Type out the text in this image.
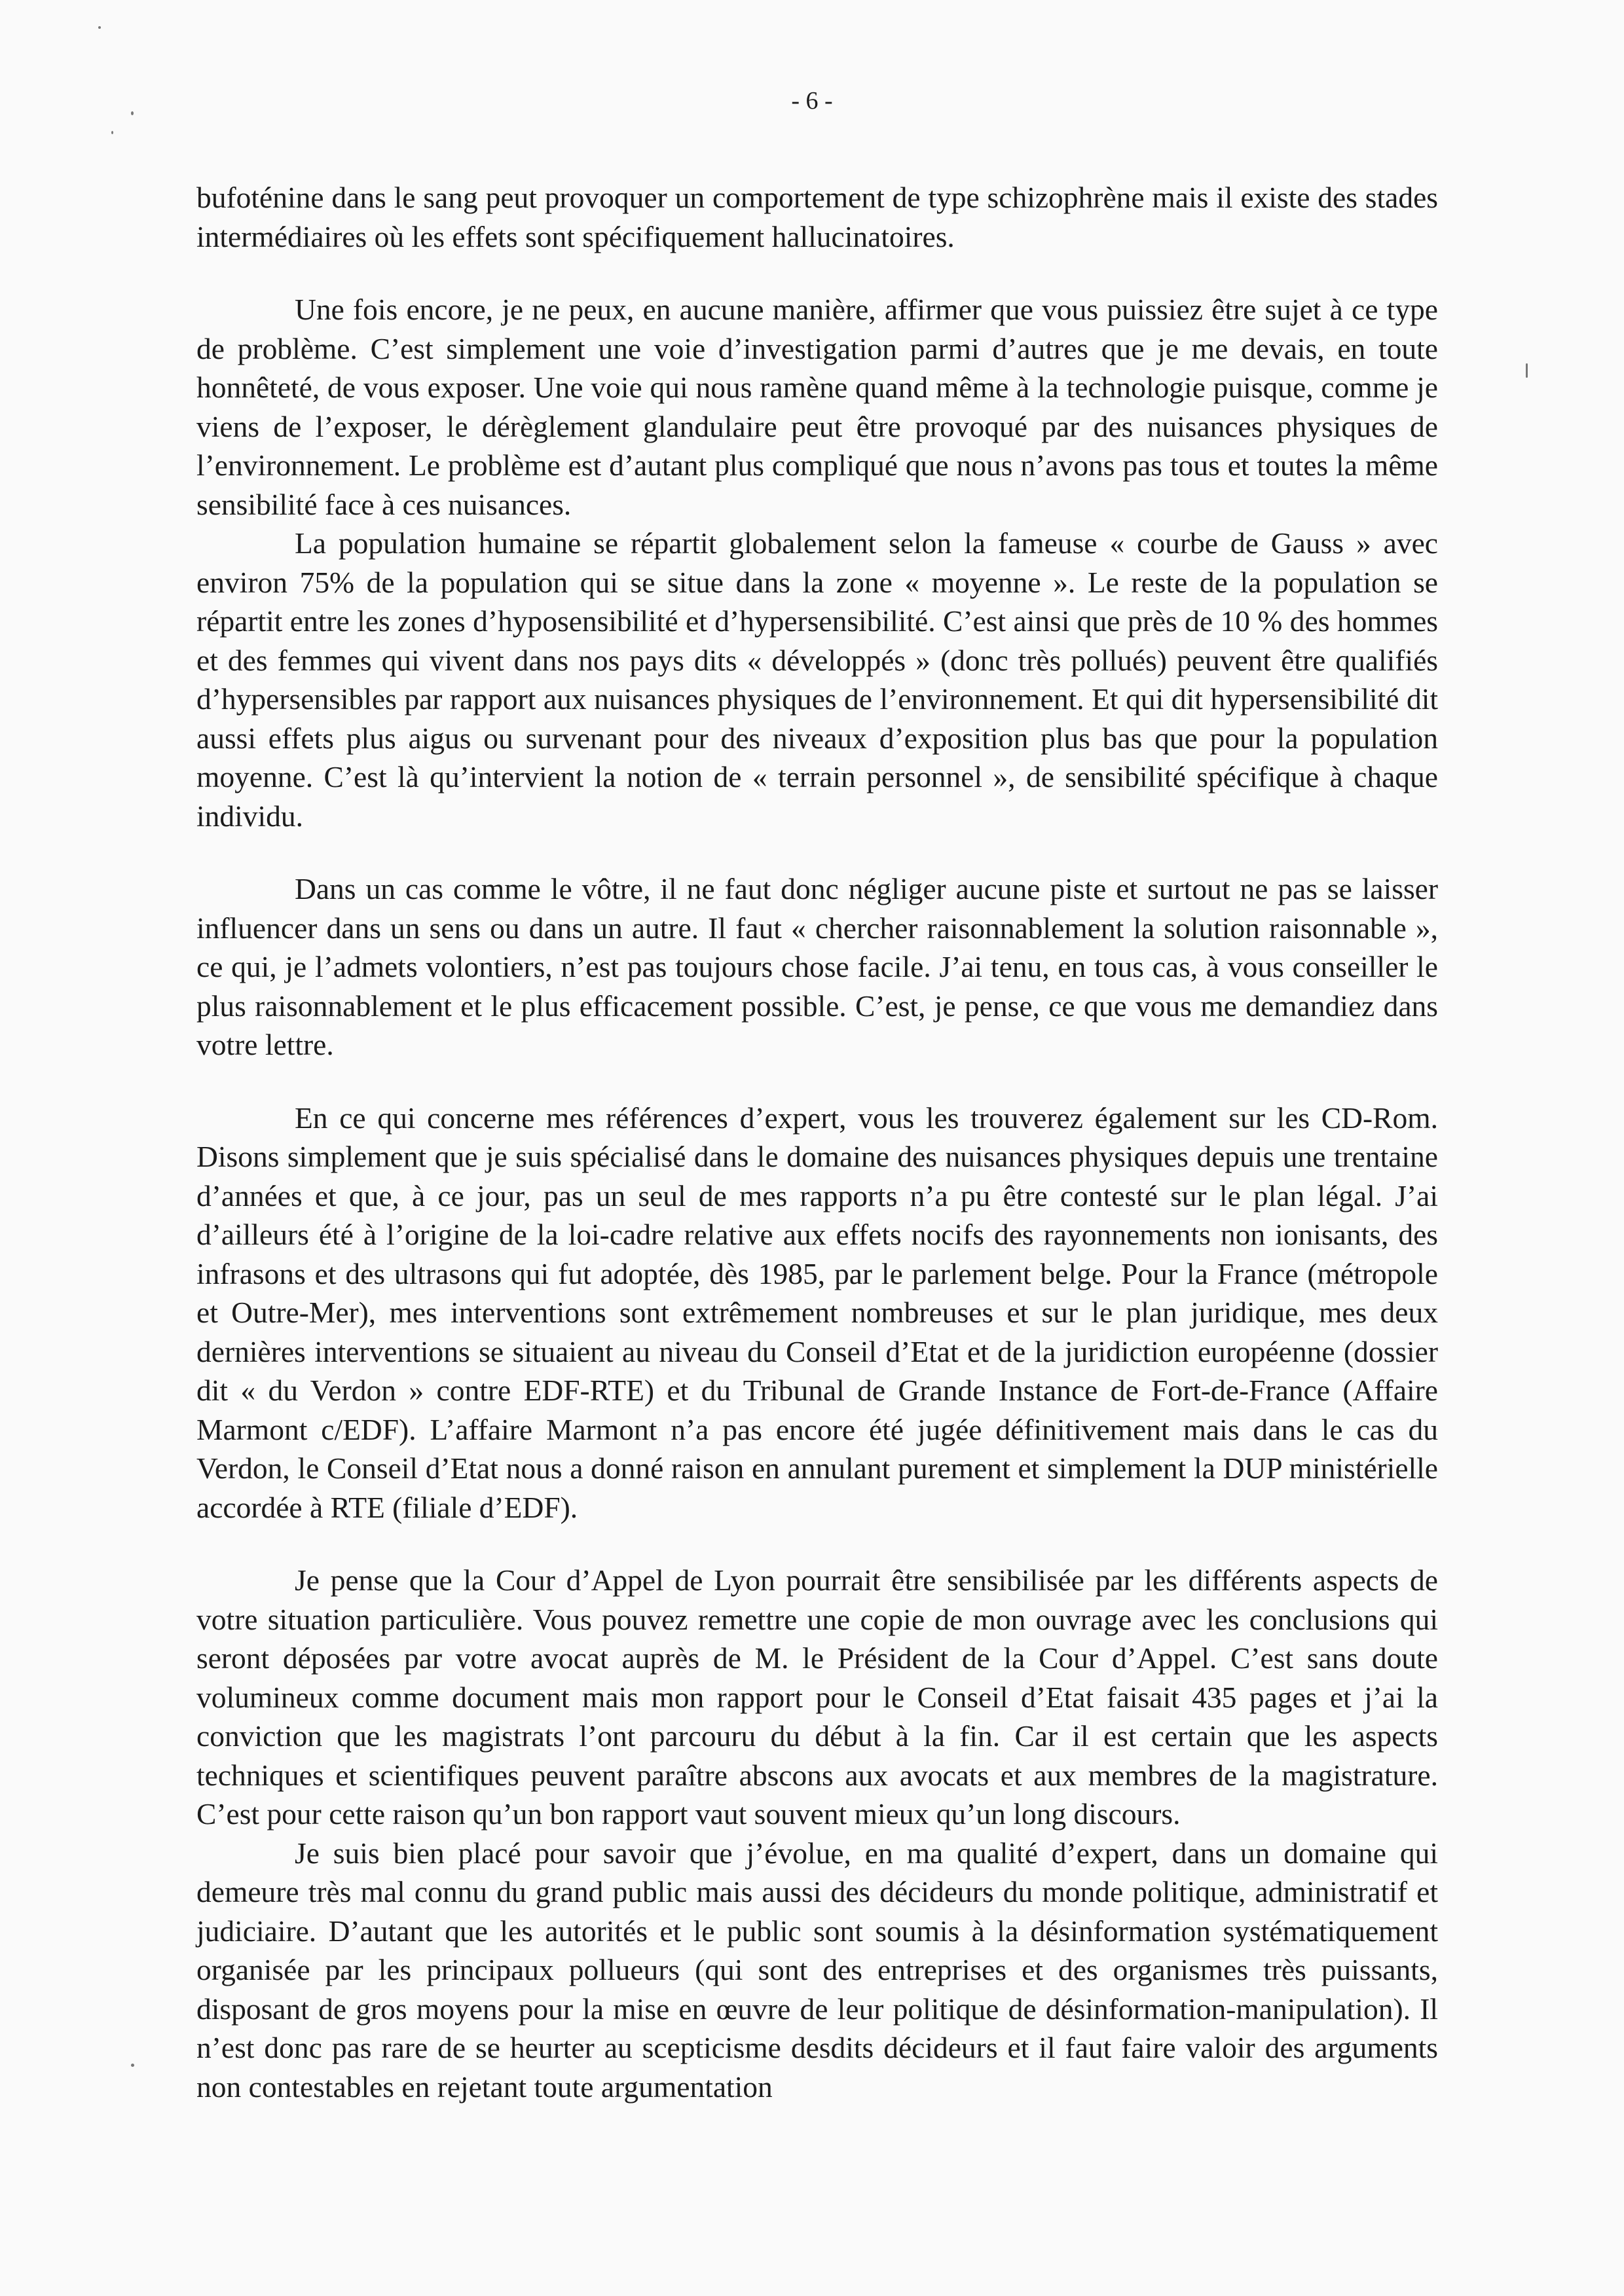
- 6 -

bufoténine dans le sang peut provoquer un comportement de type schizophrène mais il existe des stades intermédiaires où les effets sont spécifiquement hallucinatoires.

Une fois encore, je ne peux, en aucune manière, affirmer que vous puissiez être sujet à ce type de problème. C’est simplement une voie d’investigation parmi d’autres que je me devais, en toute honnêteté, de vous exposer. Une voie qui nous ramène quand même à la technologie puisque, comme je viens de l’exposer, le dérèglement glandulaire peut être provoqué par des nuisances physiques de l’environnement. Le problème est d’autant plus compliqué que nous n’avons pas tous et toutes la même sensibilité face à ces nuisances.

La population humaine se répartit globalement selon la fameuse « courbe de Gauss » avec environ 75% de la population qui se situe dans la zone « moyenne ». Le reste de la population se répartit entre les zones d’hyposensibilité et d’hypersensibilité. C’est ainsi que près de 10 % des hommes et des femmes qui vivent dans nos pays dits « développés » (donc très pollués) peuvent être qualifiés d’hypersensibles par rapport aux nuisances physiques de l’environnement. Et qui dit hypersensibilité dit aussi effets plus aigus ou survenant pour des niveaux d’exposition plus bas que pour la population moyenne. C’est là qu’intervient la notion de « terrain personnel », de sensibilité spécifique à chaque individu.

Dans un cas comme le vôtre, il ne faut donc négliger aucune piste et surtout ne pas se laisser influencer dans un sens ou dans un autre. Il faut « chercher raisonnablement la solution raisonnable », ce qui, je l’admets volontiers, n’est pas toujours chose facile. J’ai tenu, en tous cas, à vous conseiller le plus raisonnablement et le plus efficacement possible. C’est, je pense, ce que vous me demandiez dans votre lettre.

En ce qui concerne mes références d’expert, vous les trouverez également sur les CD-Rom. Disons simplement que je suis spécialisé dans le domaine des nuisances physiques depuis une trentaine d’années et que, à ce jour, pas un seul de mes rapports n’a pu être contesté sur le plan légal. J’ai d’ailleurs été à l’origine de la loi-cadre relative aux effets nocifs des rayonnements non ionisants, des infrasons et des ultrasons qui fut adoptée, dès 1985, par le parlement belge. Pour la France (métropole et Outre-Mer), mes interventions sont extrêmement nombreuses et sur le plan juridique, mes deux dernières interventions se situaient au niveau du Conseil d’Etat et de la juridiction européenne (dossier dit « du Verdon » contre EDF-RTE) et du Tribunal de Grande Instance de Fort-de-France (Affaire Marmont c/EDF). L’affaire Marmont n’a pas encore été jugée définitivement mais dans le cas du Verdon, le Conseil d’Etat nous a donné raison en annulant purement et simplement la DUP ministérielle accordée à RTE (filiale d’EDF).

Je pense que la Cour d’Appel de Lyon pourrait être sensibilisée par les différents aspects de votre situation particulière. Vous pouvez remettre une copie de mon ouvrage avec les conclusions qui seront déposées par votre avocat auprès de M. le Président de la Cour d’Appel. C’est sans doute volumineux comme document mais mon rapport pour le Conseil d’Etat faisait 435 pages et j’ai la conviction que les magistrats l’ont parcouru du début à la fin. Car il est certain que les aspects techniques et scientifiques peuvent paraître abscons aux avocats et aux membres de la magistrature. C’est pour cette raison qu’un bon rapport vaut souvent mieux qu’un long discours.

Je suis bien placé pour savoir que j’évolue, en ma qualité d’expert, dans un domaine qui demeure très mal connu du grand public mais aussi des décideurs du monde politique, administratif et judiciaire. D’autant que les autorités et le public sont soumis à la désinformation systématiquement organisée par les principaux pollueurs (qui sont des entreprises et des organismes très puissants, disposant de gros moyens pour la mise en œuvre de leur politique de désinformation-manipulation). Il n’est donc pas rare de se heurter au scepticisme desdits décideurs et il faut faire valoir des arguments non contestables en rejetant toute argumentation
